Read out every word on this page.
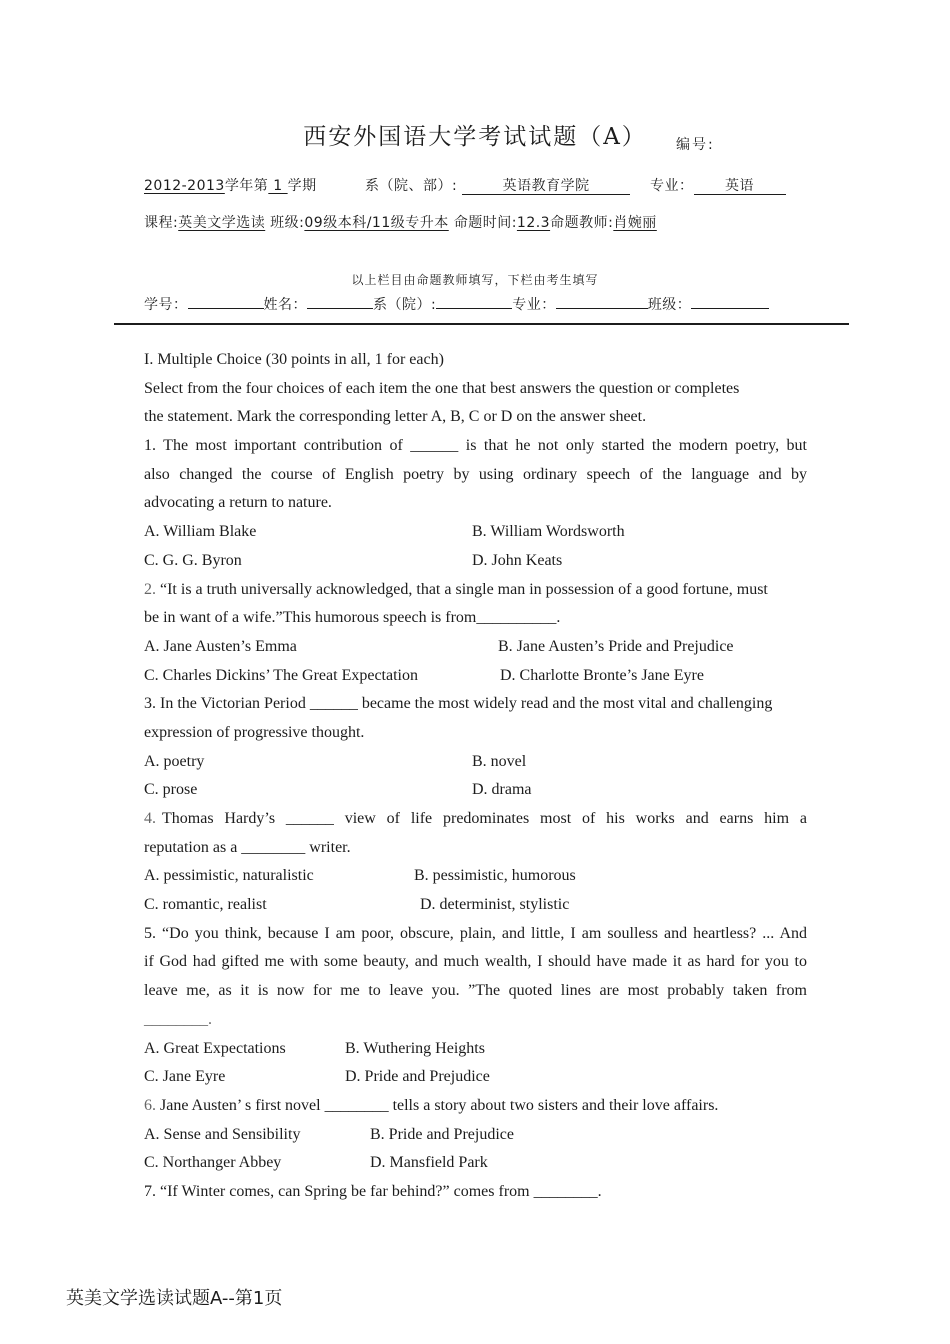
西安外国语大学考试试题（A）	编号:
2012-2013学年第 1 学期	系（院、部）:	英语教育学院	专业： 英语
课程:英美文学选读 班级:09级本科/11级专升本 命题时间:12.3命题教师:肖婉丽
以上栏目由命题教师填写，下栏由考生填写
学号：	姓名：	系（院）:	专业：	班级：
I. Multiple Choice (30 points in all, 1 for each)
Select from the four choices of each item the one that best answers the question or completes
the statement. Mark the corresponding letter A, B, C or D on the answer sheet.
1. The most important contribution of ______ is that he not only started the modern poetry, but
also changed the course of English poetry by using ordinary speech of the language and by
advocating a return to nature.
A. William Blake	B. William Wordsworth
C. G. G. Byron	D. John Keats
2. “It is a truth universally acknowledged, that a single man in possession of a good fortune, must
be in want of a wife.”This humorous speech is from__________.
A. Jane Austen’s Emma	B. Jane Austen’s Pride and Prejudice
C. Charles Dickins’ The Great Expectation	D. Charlotte Bronte’s Jane Eyre
3. In the Victorian Period ______ became the most widely read and the most vital and challenging
expression of progressive thought.
A. poetry	B. novel
C. prose	D. drama
4. Thomas Hardy’s ______ view of life predominates most of his works and earns him a
reputation as a ________ writer.
A. pessimistic, naturalistic	B. pessimistic, humorous
C. romantic, realist	D. determinist, stylistic
5. “Do you think, because I am poor, obscure, plain, and little, I am soulless and heartless? ... And
if God had gifted me with some beauty, and much wealth, I should have made it as hard for you to
leave me, as it is now for me to leave you. ”The quoted lines are most probably taken from
________.
A. Great Expectations	B. Wuthering Heights
C. Jane Eyre	D. Pride and Prejudice
6. Jane Austen’ s first novel ________ tells a story about two sisters and their love affairs.
A. Sense and Sensibility	B. Pride and Prejudice
C. Northanger Abbey	D. Mansfield Park
7. “If Winter comes, can Spring be far behind?” comes from ________.
英美文学选读试题A--第1页
